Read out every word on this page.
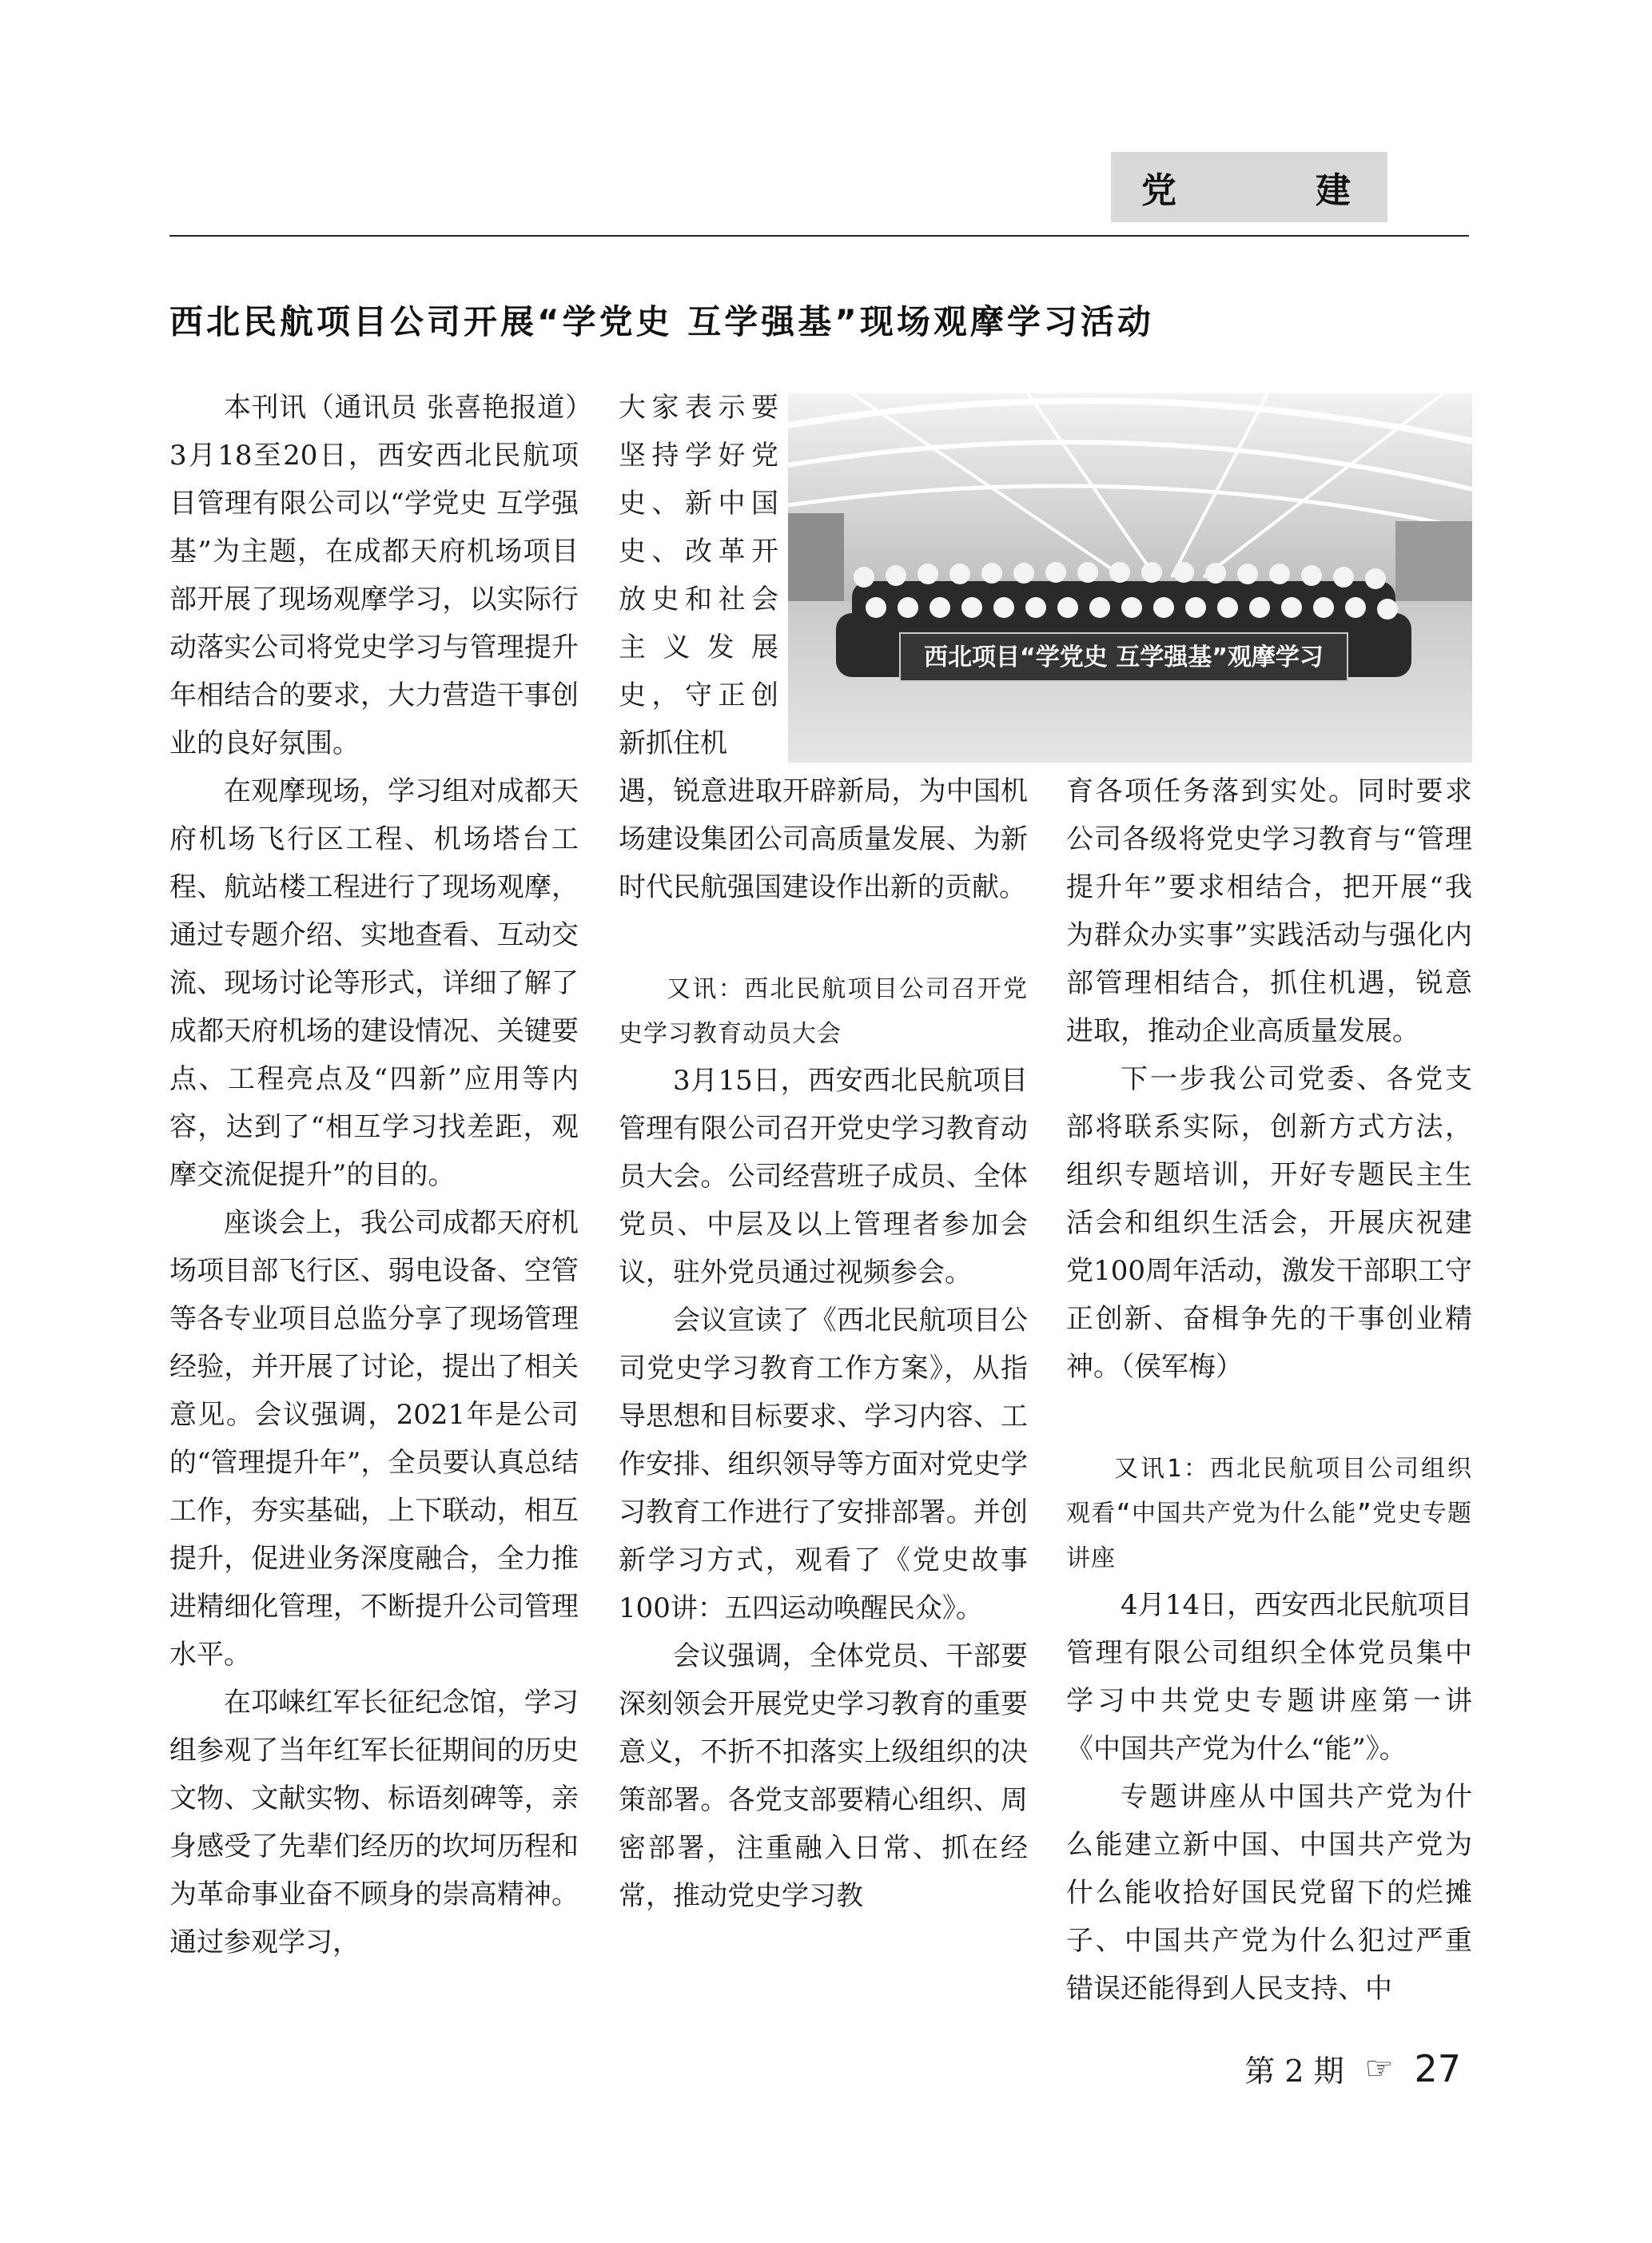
党	建
西北民航项目公司开展“学党史 互学强基”现场观摩学习活动

本刊讯（通讯员 张喜艳报道）3月18至20日，西安西北民航项目管理有限公司以“学党史 互学强基”为主题，在成都天府机场项目部开展了现场观摩学习，以实际行动落实公司将党史学习与管理提升年相结合的要求，大力营造干事创业的良好氛围。

在观摩现场，学习组对成都天府机场飞行区工程、机场塔台工程、航站楼工程进行了现场观摩，通过专题介绍、实地查看、互动交流、现场讨论等形式，详细了解了成都天府机场的建设情况、关键要点、工程亮点及“四新”应用等内容，达到了“相互学习找差距，观摩交流促提升”的目的。

座谈会上，我公司成都天府机场项目部飞行区、弱电设备、空管等各专业项目总监分享了现场管理经验，并开展了讨论，提出了相关意见。会议强调，2021年是公司的“管理提升年”，全员要认真总结工作，夯实基础，上下联动，相互提升，促进业务深度融合，全力推进精细化管理，不断提升公司管理水平。

在邛崃红军长征纪念馆，学习组参观了当年红军长征期间的历史文物、文献实物、标语刻碑等，亲身感受了先辈们经历的坎坷历程和为革命事业奋不顾身的崇高精神。通过参观学习，

西北项目“学党史 互学强基”观摩学习

大家表示要坚持学好党史、新中国史、改革开放史和社会主义发展史，守正创新抓住机

遇，锐意进取开辟新局，为中国机场建设集团公司高质量发展、为新时代民航强国建设作出新的贡献。

又讯：西北民航项目公司召开党史学习教育动员大会

3月15日，西安西北民航项目管理有限公司召开党史学习教育动员大会。公司经营班子成员、全体党员、中层及以上管理者参加会议，驻外党员通过视频参会。

会议宣读了《西北民航项目公司党史学习教育工作方案》，从指导思想和目标要求、学习内容、工作安排、组织领导等方面对党史学习教育工作进行了安排部署。并创新学习方式，观看了《党史故事100讲：五四运动唤醒民众》。

会议强调，全体党员、干部要深刻领会开展党史学习教育的重要意义，不折不扣落实上级组织的决策部署。各党支部要精心组织、周密部署，注重融入日常、抓在经常，推动党史学习教

育各项任务落到实处。同时要求公司各级将党史学习教育与“管理提升年”要求相结合，把开展“我为群众办实事”实践活动与强化内部管理相结合，抓住机遇，锐意进取，推动企业高质量发展。

下一步我公司党委、各党支部将联系实际，创新方式方法，组织专题培训，开好专题民主生活会和组织生活会，开展庆祝建党100周年活动，激发干部职工守正创新、奋楫争先的干事创业精神。（侯军梅）

又讯1：西北民航项目公司组织观看“中国共产党为什么能”党史专题讲座

4月14日，西安西北民航项目管理有限公司组织全体党员集中学习中共党史专题讲座第一讲《中国共产党为什么“能”》。

专题讲座从中国共产党为什么能建立新中国、中国共产党为什么能收拾好国民党留下的烂摊子、中国共产党为什么犯过严重错误还能得到人民支持、中

第 2 期 ☞ 27
